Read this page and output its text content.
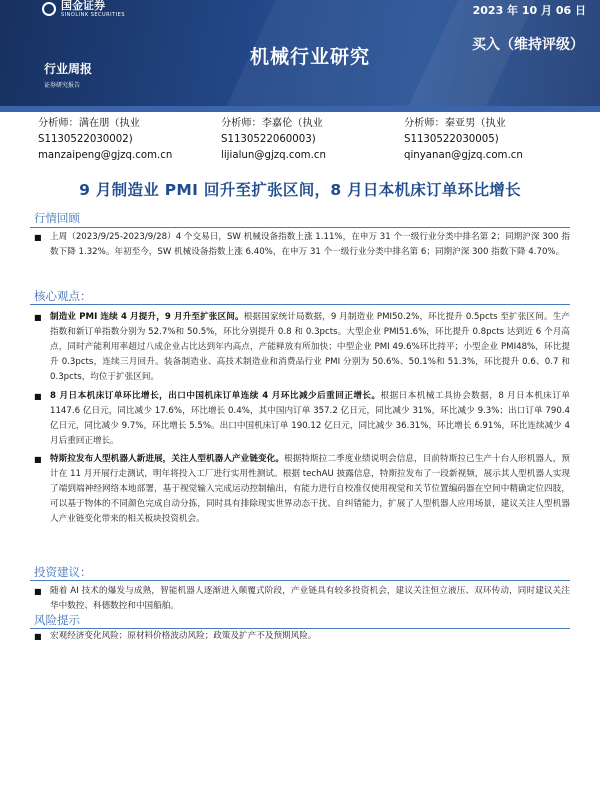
国金证券
SINOLINK SECURITIES	2023 年 10 月 06 日
买入（维持评级）
机械行业研究
行业周报
证券研究报告
分析师：满在朋（执业
S1130522030002)
manzaipeng@gjzq.com.cn
分析师：李嘉伦（执业
S1130522060003)
lijialun@gjzq.com.cn
分析师：秦亚男（执业
S1130522030005)
qinyanan@gjzq.com.cn
9 月制造业 PMI 回升至扩张区间，8 月日本机床订单环比增长
行情回顾
■ 上周（2023/9/25-2023/9/28）4 个交易日，SW 机械设备指数上涨 1.11%，在申万 31 个一级行业分类中排名第 2；同期沪深 300 指数下降 1.32%。年初至今，SW 机械设备指数上涨 6.40%，在申万 31 个一级行业分类中排名第 6；同期沪深 300 指数下降 4.70%。
核心观点：
■ 制造业 PMI 连续 4 月提升，9 月升至扩张区间。根据国家统计局数据，9 月制造业 PMI50.2%，环比提升 0.5pcts 至扩张区间。生产指数和新订单指数分别为 52.7%和 50.5%，环比分别提升 0.8 和 0.3pcts。大型企业 PMI51.6%，环比提升 0.8pcts 达到近 6 个月高点，同时产能利用率超过八成企业占比达到年内高点，产能释放有所加快；中型企业 PMI 49.6%环比持平；小型企业 PMI48%，环比提升 0.3pcts，连续三月回升。装备制造业、高技术制造业和消费品行业 PMI 分别为 50.6%、50.1%和 51.3%，环比提升 0.6、0.7 和 0.3pcts，均位于扩张区间。
■ 8 月日本机床订单环比增长，出口中国机床订单连续 4 月环比减少后重回正增长。根据日本机械工具协会数据，8 月日本机床订单 1147.6 亿日元，同比减少 17.6%，环比增长 0.4%，其中国内订单 357.2 亿日元，同比减少 31%，环比减少 9.3%；出口订单 790.4 亿日元，同比减少 9.7%，环比增长 5.5%。出口中国机床订单 190.12 亿日元，同比减少 36.31%，环比增长 6.91%，环比连续减少 4 月后重回正增长。
■ 特斯拉发布人型机器人新进展，关注人型机器人产业链变化。根据特斯拉二季度业绩说明会信息，目前特斯拉已生产十台人形机器人，预计在 11 月开展行走测试，明年将投入工厂进行实用性测试。根据 techAU 披露信息，特斯拉发布了一段新视频，展示其人型机器人实现了端到端神经网络本地部署，基于视觉输入完成运动控制输出，有能力进行自校准仅使用视觉和关节位置编码器在空间中精确定位四肢，可以基于物体的不同颜色完成自动分拣，同时具有排除现实世界动态干扰、自纠错能力，扩展了人型机器人应用场景，建议关注人型机器人产业链变化带来的相关板块投资机会。
投资建议：
■ 随着 AI 技术的爆发与成熟，智能机器人逐渐进入颠覆式阶段，产业链具有较多投资机会，建议关注恒立液压、双环传动，同时建议关注华中数控、科德数控和中国船舶。
风险提示
■ 宏观经济变化风险；原材料价格波动风险；政策及扩产不及预期风险。
